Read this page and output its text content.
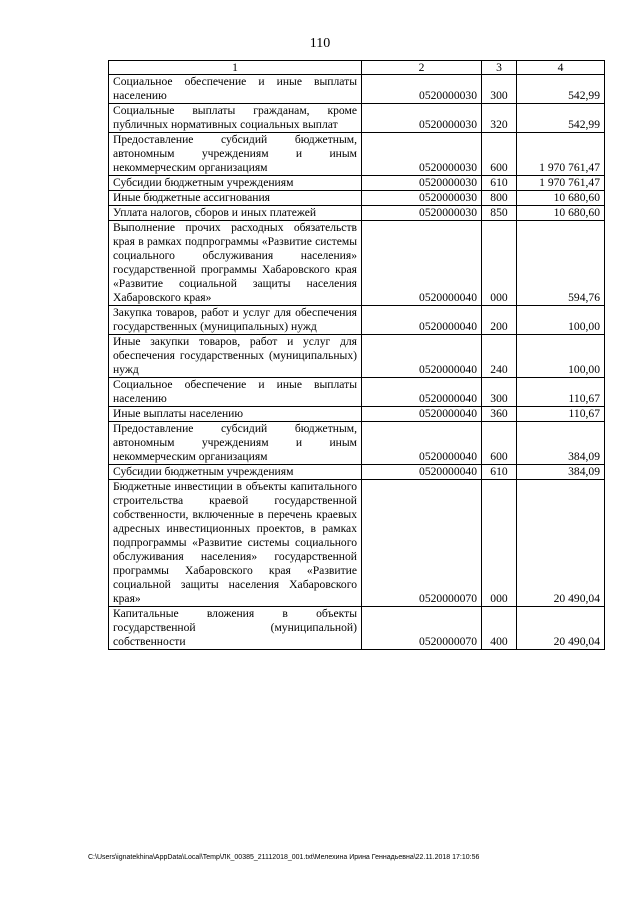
110
1	2	3	4
Социальное обеспечение и иные выплаты населению	0520000030	300	542,99
Социальные выплаты гражданам, кроме публичных нормативных социальных выплат	0520000030	320	542,99
Предоставление субсидий бюджетным, автономным учреждениям и иным некоммерческим организациям	0520000030	600	1 970 761,47
Субсидии бюджетным учреждениям	0520000030	610	1 970 761,47
Иные бюджетные ассигнования	0520000030	800	10 680,60
Уплата налогов, сборов и иных платежей	0520000030	850	10 680,60
Выполнение прочих расходных обязательств края в рамках подпрограммы «Развитие системы социального обслуживания населения» государственной программы Хабаровского края «Развитие социальной защиты населения Хабаровского края»	0520000040	000	594,76
Закупка товаров, работ и услуг для обеспечения государственных (муниципальных) нужд	0520000040	200	100,00
Иные закупки товаров, работ и услуг для обеспечения государственных (муниципальных) нужд	0520000040	240	100,00
Социальное обеспечение и иные выплаты населению	0520000040	300	110,67
Иные выплаты населению	0520000040	360	110,67
Предоставление субсидий бюджетным, автономным учреждениям и иным некоммерческим организациям	0520000040	600	384,09
Субсидии бюджетным учреждениям	0520000040	610	384,09
Бюджетные инвестиции в объекты капитального строительства краевой государственной собственности, включенные в перечень краевых адресных инвестиционных проектов, в рамках подпрограммы «Развитие системы социального обслуживания населения» государственной программы Хабаровского края «Развитие социальной защиты населения Хабаровского края»	0520000070	000	20 490,04
Капитальные вложения в объекты государственной (муниципальной) собственности	0520000070	400	20 490,04
C:\Users\ignatekhina\AppData\Local\Temp\ЛК_00385_21112018_001.txt\Мелехина Ирина Геннадьевна\22.11.2018 17:10:56
